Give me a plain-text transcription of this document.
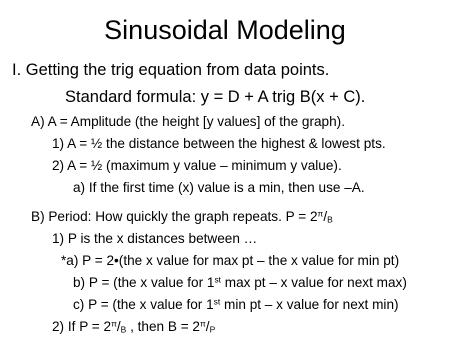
Sinusoidal Modeling
I. Getting the trig equation from data points.
Standard formula: y = D + A trig B(x + C).
A) A = Amplitude (the height [y values] of the graph).
1) A = ½ the distance between the highest & lowest pts.
2) A = ½ (maximum y value – minimum y value).
a) If the first time (x) value is a min, then use –A.
B) Period: How quickly the graph repeats. $P = 2^\pi/_B$
1) P is the x distances between …
*a) P = 2•(the x value for max pt – the x value for min pt)
b) P = (the x value for 1st max pt – x value for next max)
c) P = (the x value for 1st min pt – x value for next min)
2) If $P = 2^\pi/_B$ , then $B = 2^\pi/_P$
